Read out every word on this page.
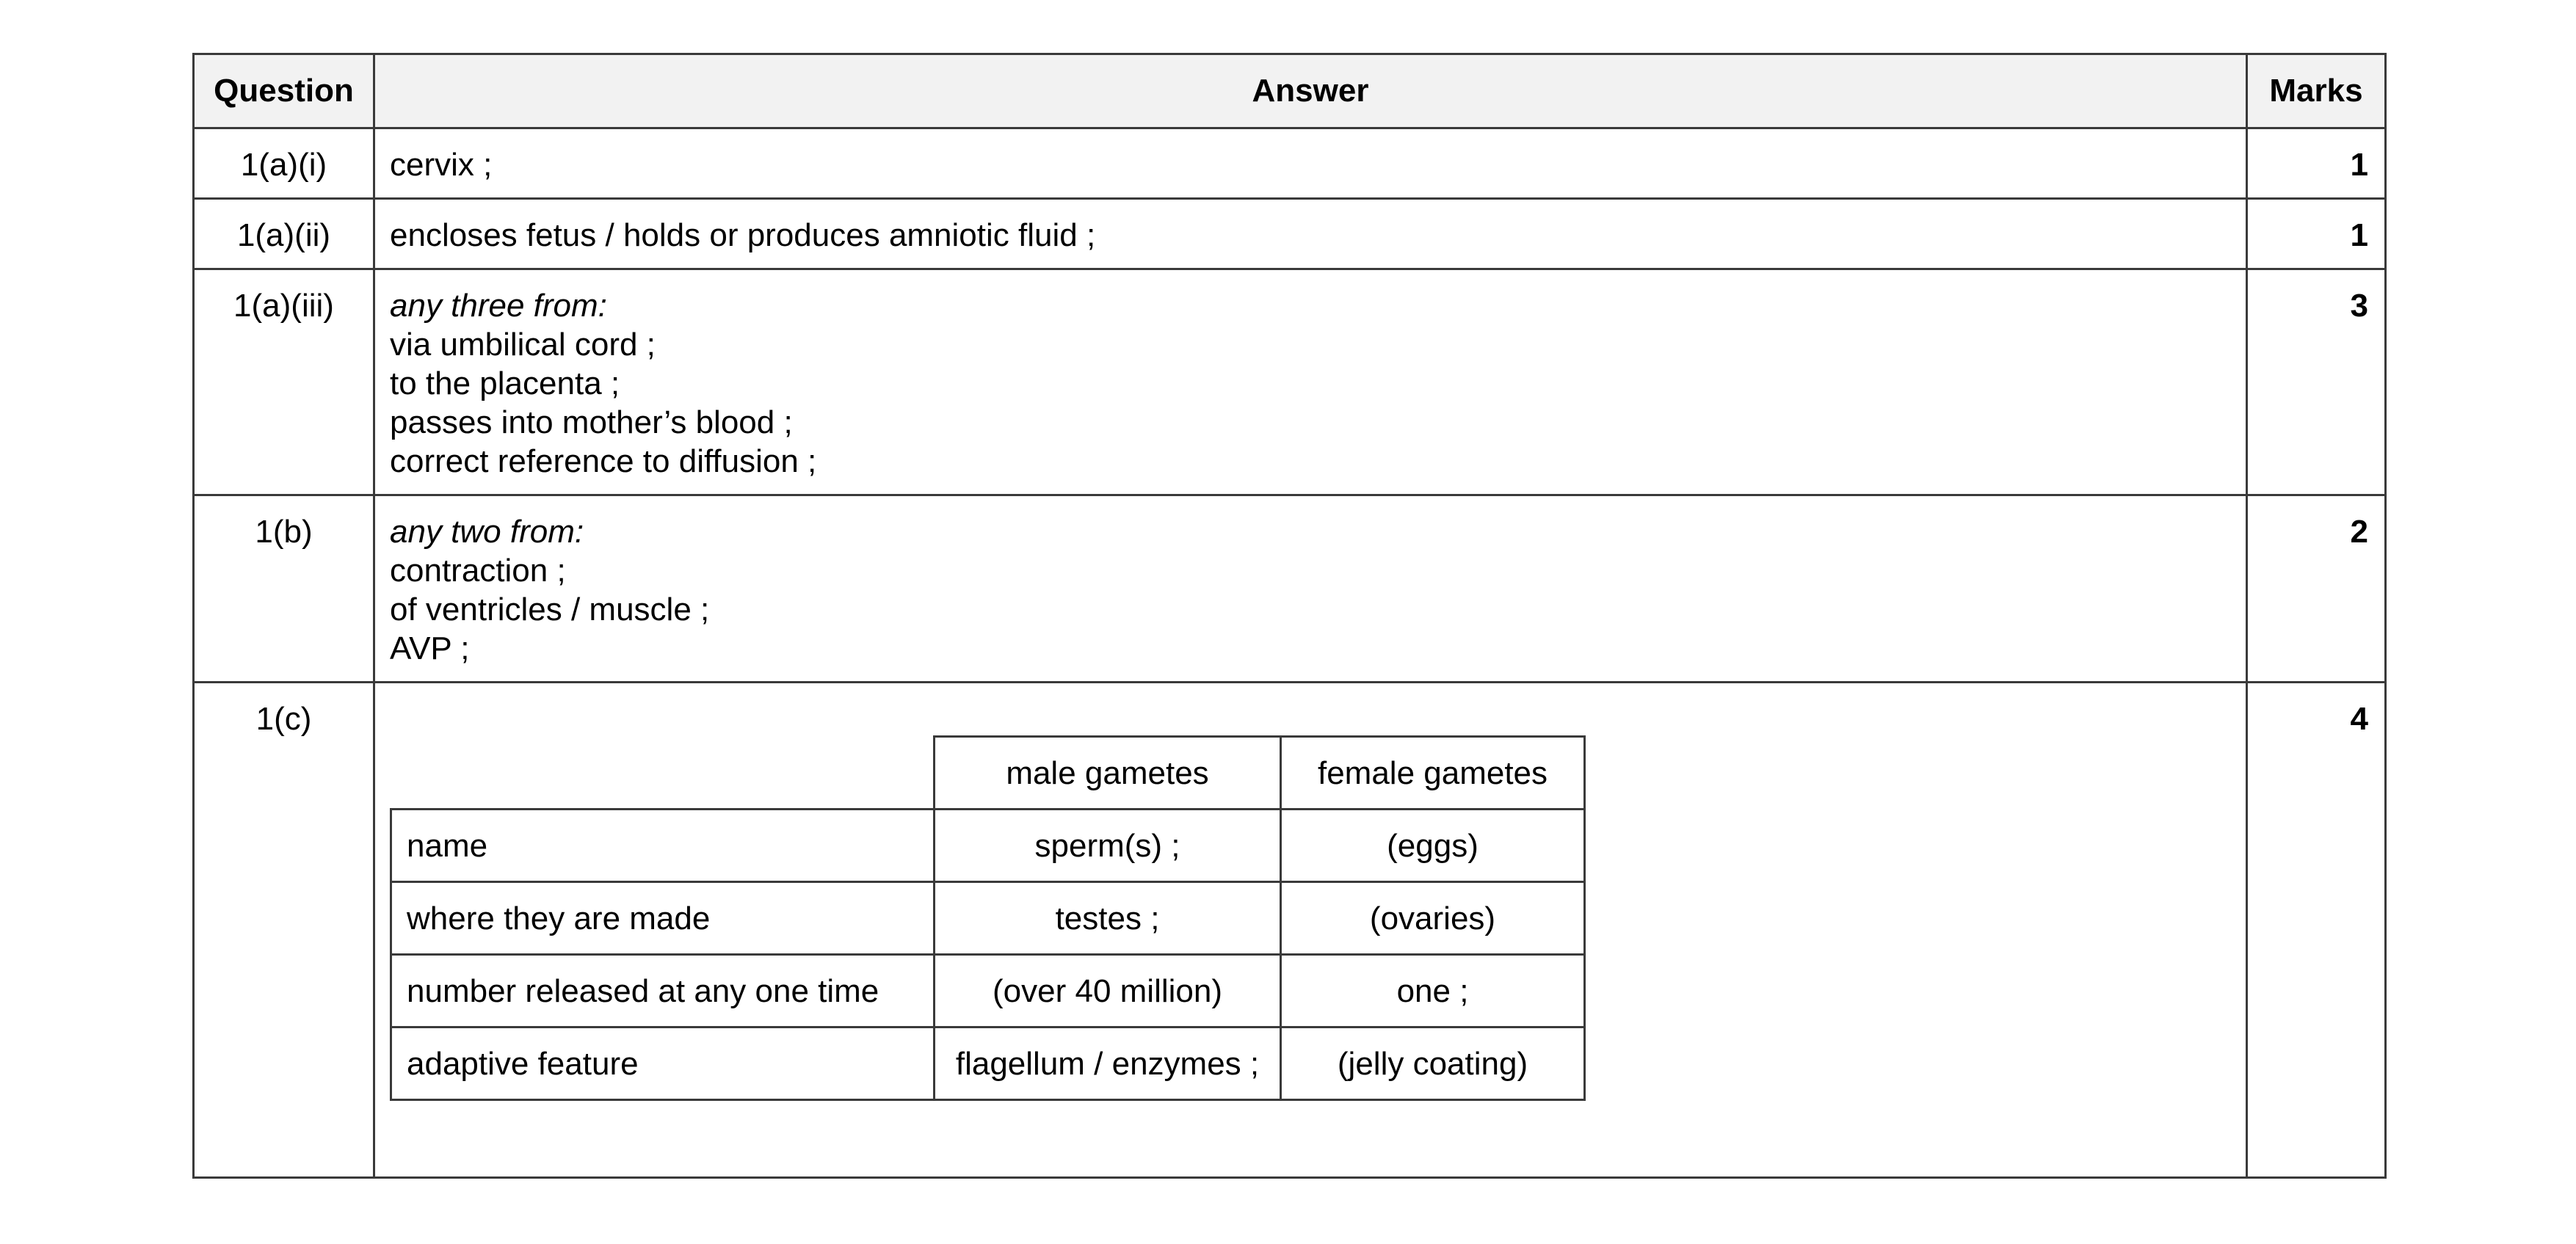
Question	Answer	Marks
1(a)(i)	cervix ;	1
1(a)(ii)	encloses fetus / holds or produces amniotic fluid ;	1
1(a)(iii)	any three from:
via umbilical cord ;
to the placenta ;
passes into mother’s blood ;
correct reference to diffusion ;
	3
1(b)	any two from:
contraction ;
of ventricles / muscle ;
AVP ;
	2
1(c)	
	male gametes	female gametes
name	sperm(s) ;	(eggs)
where they are made	testes ;	(ovaries)
number released at any one time	(over 40 million)	one ;
adaptive feature	flagellum / enzymes ;	(jelly coating)
	4
